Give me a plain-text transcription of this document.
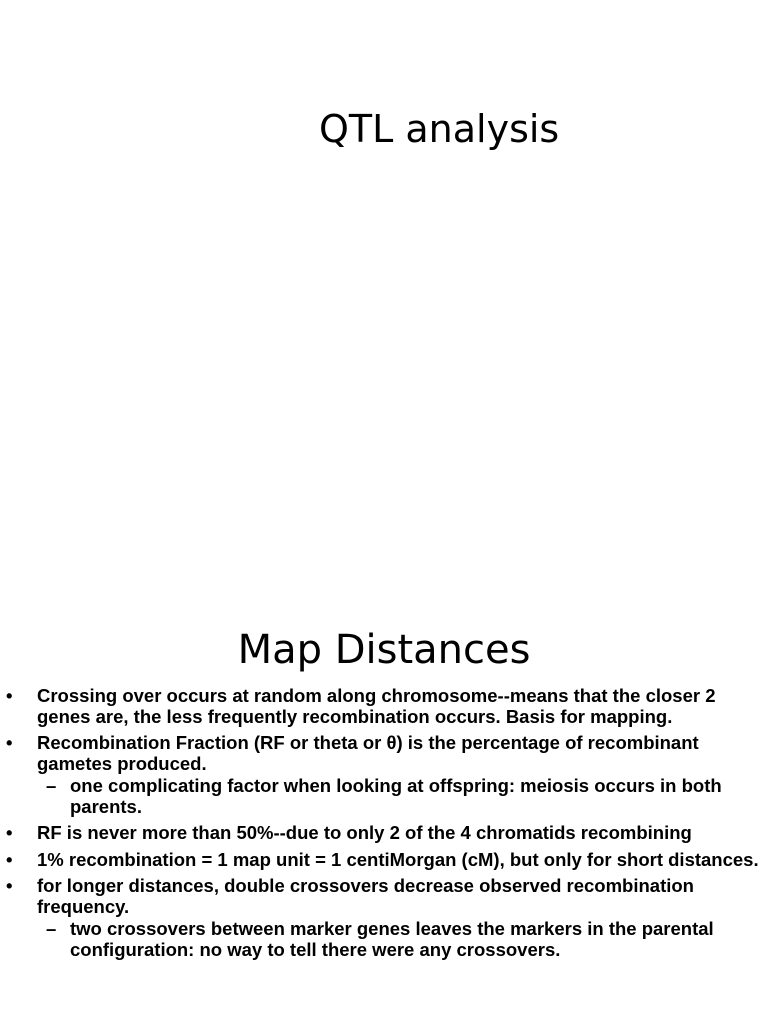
QTL analysis
Map Distances
• Crossing over occurs at random along chromosome--means that the closer 2 genes are, the less frequently recombination occurs. Basis for mapping.
• Recombination Fraction (RF or theta or θ) is the percentage of recombinant gametes produced.
– one complicating factor when looking at offspring: meiosis occurs in both parents.
• RF is never more than 50%--due to only 2 of the 4 chromatids recombining
• 1% recombination = 1 map unit = 1 centiMorgan (cM), but only for short distances.
• for longer distances, double crossovers decrease observed recombination frequency.
– two crossovers between marker genes leaves the markers in the parental configuration: no way to tell there were any crossovers.
